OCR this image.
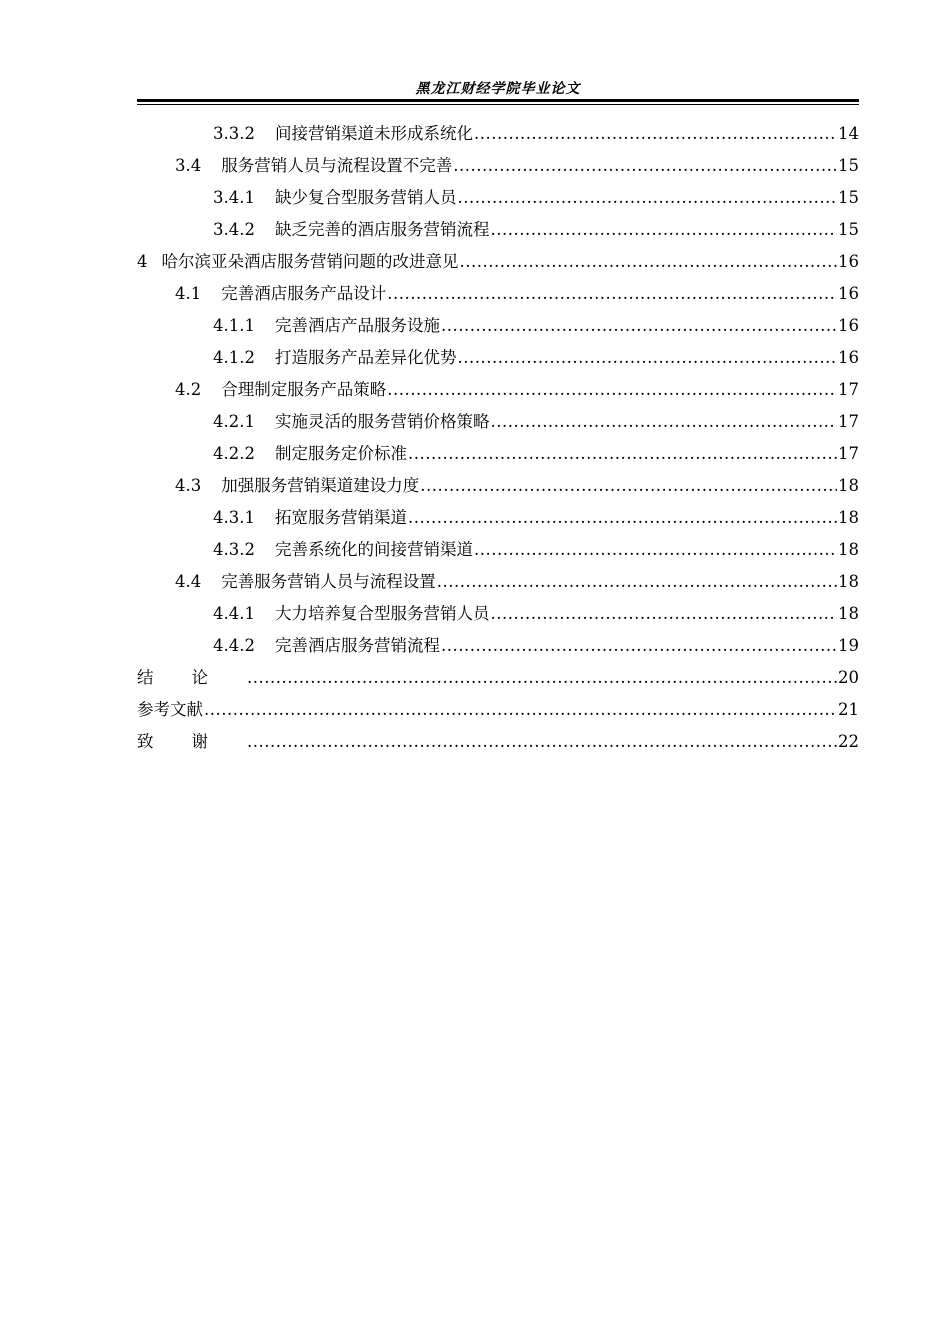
黑龙江财经学院毕业论文
3.3.2 间接营销渠道未形成系统化 .....	14
3.4 服务营销人员与流程设置不完善 .....	15
3.4.1 缺少复合型服务营销人员 .....	15
3.4.2 缺乏完善的酒店服务营销流程 .....	15
4 哈尔滨亚朵酒店服务营销问题的改进意见 .....	16
4.1 完善酒店服务产品设计 .....	16
4.1.1 完善酒店产品服务设施 .....	16
4.1.2 打造服务产品差异化优势 .....	16
4.2 合理制定服务产品策略 .....	17
4.2.1 实施灵活的服务营销价格策略 .....	17
4.2.2 制定服务定价标准 .....	17
4.3 加强服务营销渠道建设力度 .....	18
4.3.1 拓宽服务营销渠道 .....	18
4.3.2 完善系统化的间接营销渠道 .....	18
4.4 完善服务营销人员与流程设置 .....	18
4.4.1 大力培养复合型服务营销人员 .....	18
4.4.2 完善酒店服务营销流程 .....	19
结论 .....	20
参考文献 .....	21
致谢 .....	22
